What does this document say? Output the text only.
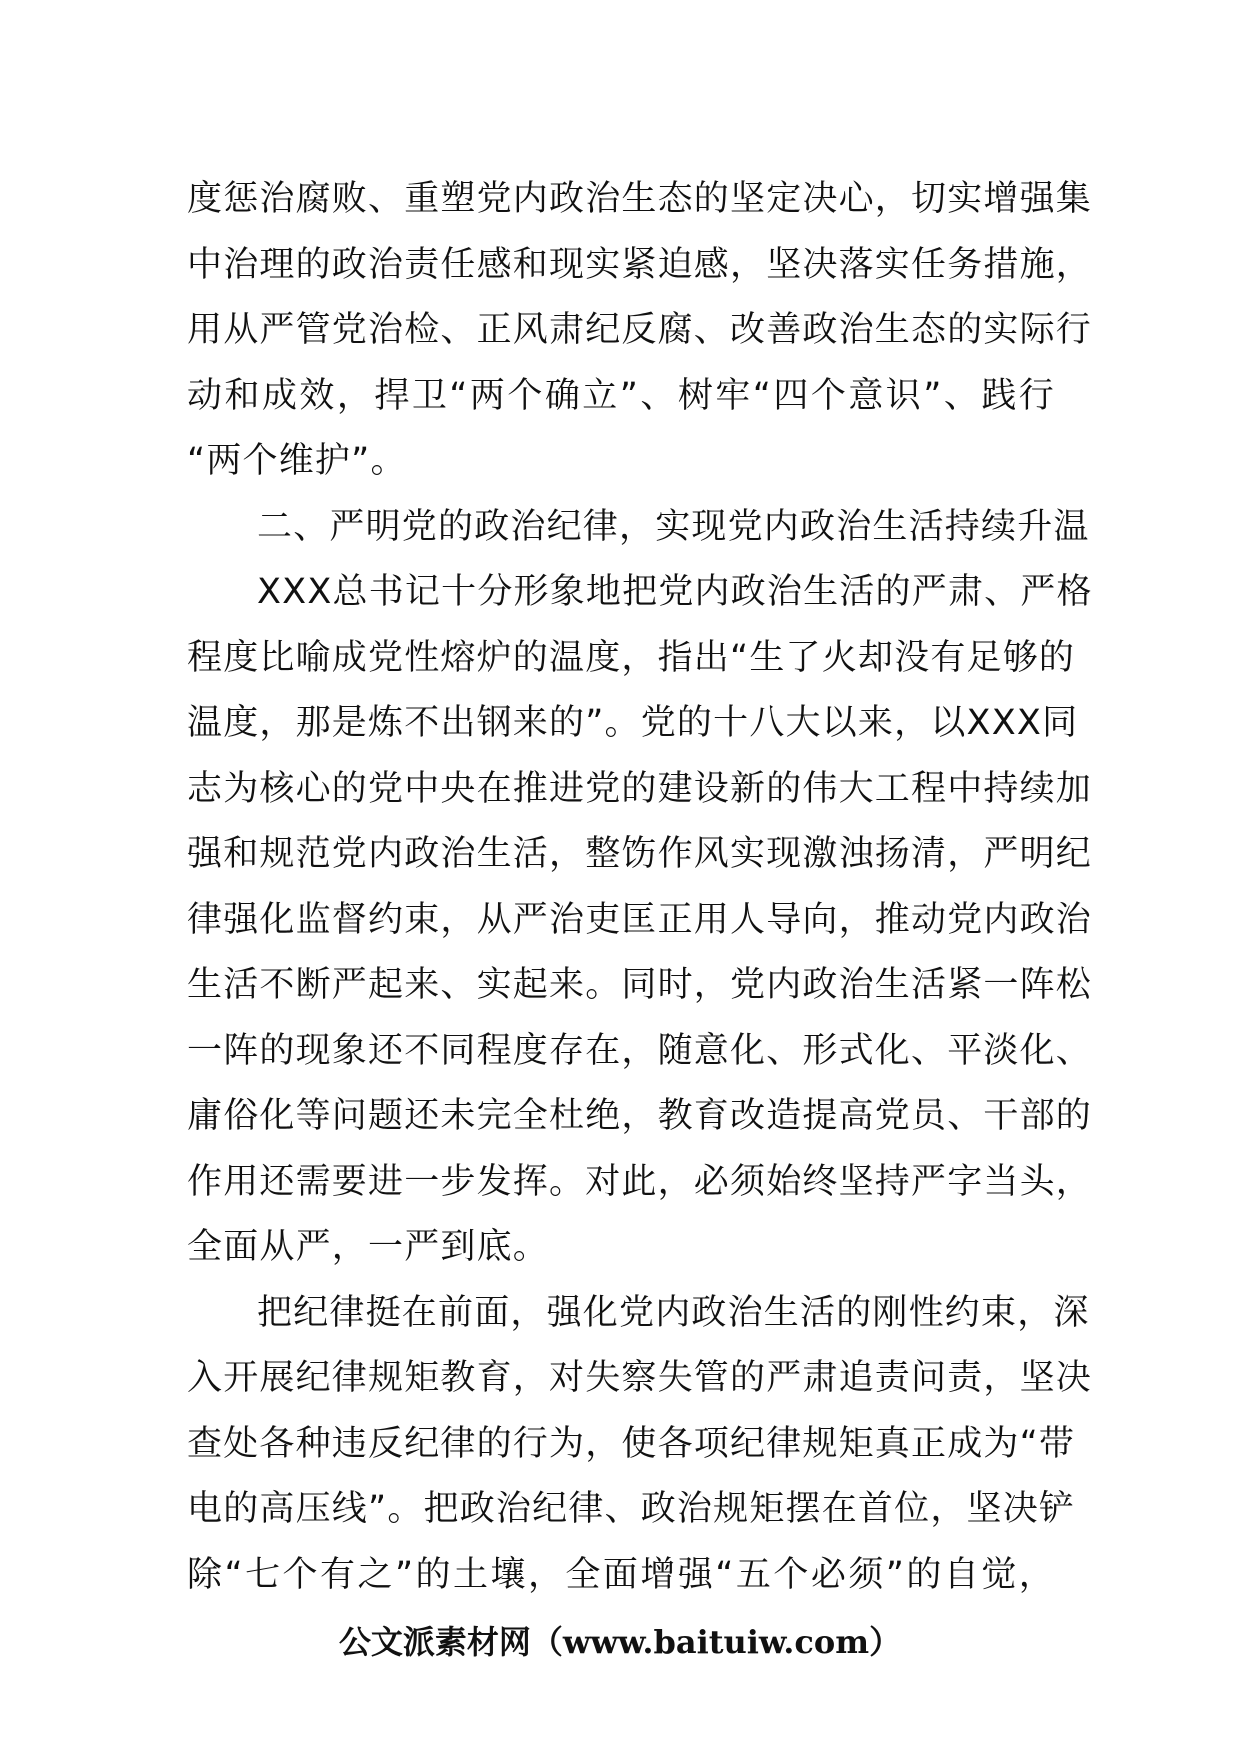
度惩治腐败、重塑党内政治生态的坚定决心，切实增强集
中治理的政治责任感和现实紧迫感，坚决落实任务措施，
用从严管党治检、正风肃纪反腐、改善政治生态的实际行
动和成效，捍卫“两个确立”、树牢“四个意识”、践行
“两个维护”。
二、严明党的政治纪律，实现党内政治生活持续升温
XXX总书记十分形象地把党内政治生活的严肃、严格
程度比喻成党性熔炉的温度，指出“生了火却没有足够的
温度，那是炼不出钢来的”。党的十八大以来，以XXX同
志为核心的党中央在推进党的建设新的伟大工程中持续加
强和规范党内政治生活，整饬作风实现激浊扬清，严明纪
律强化监督约束，从严治吏匡正用人导向，推动党内政治
生活不断严起来、实起来。同时，党内政治生活紧一阵松
一阵的现象还不同程度存在，随意化、形式化、平淡化、
庸俗化等问题还未完全杜绝，教育改造提高党员、干部的
作用还需要进一步发挥。对此，必须始终坚持严字当头，
全面从严，一严到底。
把纪律挺在前面，强化党内政治生活的刚性约束，深
入开展纪律规矩教育，对失察失管的严肃追责问责，坚决
查处各种违反纪律的行为，使各项纪律规矩真正成为“带
电的高压线”。把政治纪律、政治规矩摆在首位，坚决铲
除“七个有之”的土壤，全面增强“五个必须”的自觉，
公文派素材网（www.baituiw.com）
